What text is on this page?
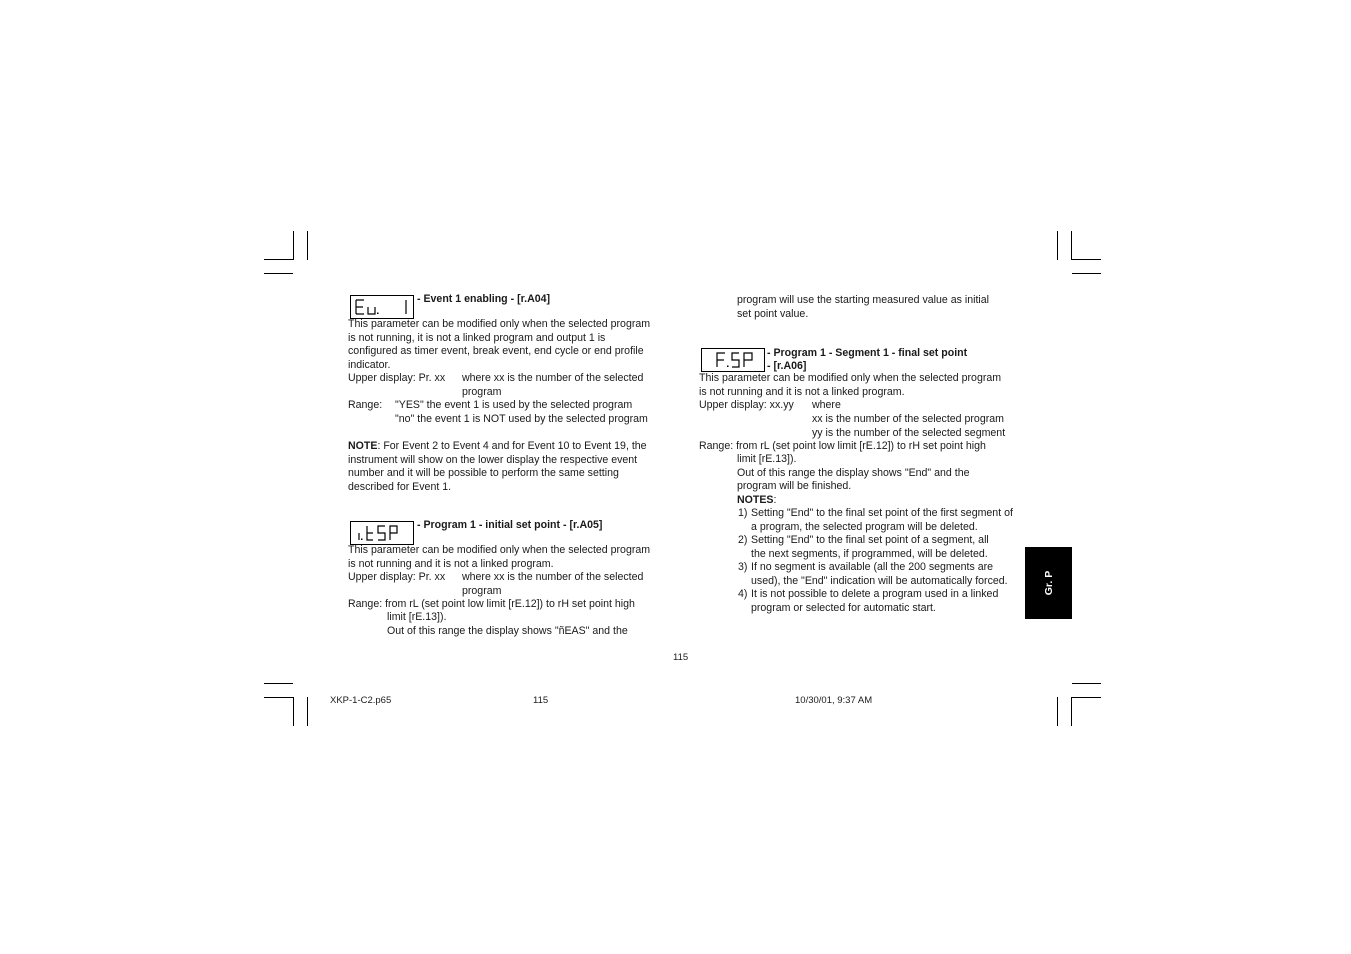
- Event 1 enabling - [r.A04]
This parameter can be modified only when the selected program
is not running, it is not a linked program and output 1 is
configured as timer event, break event, end cycle or end profile
indicator.
Upper display: Pr. xx where xx is the number of the selected
program
Range: "YES" the event 1 is used by the selected program
"no" the event 1 is NOT used by the selected program
NOTE: For Event 2 to Event 4 and for Event 10 to Event 19, the
instrument will show on the lower display the respective event
number and it will be possible to perform the same setting
described for Event 1.
- Program 1 - initial set point - [r.A05]
This parameter can be modified only when the selected program
is not running and it is not a linked program.
Upper display: Pr. xx where xx is the number of the selected
program
Range: from rL (set point low limit [rE.12]) to rH set point high
limit [rE.13]).
Out of this range the display shows "ñEAS" and the
program will use the starting measured value as initial
set point value.
- Program 1 - Segment 1 - final set point
- [r.A06]
This parameter can be modified only when the selected program
is not running and it is not a linked program.
Upper display: xx.yy where
xx is the number of the selected program
yy is the number of the selected segment
Range: from rL (set point low limit [rE.12]) to rH set point high
limit [rE.13]).
Out of this range the display shows "End" and the
program will be finished.
NOTES:
1) Setting "End" to the final set point of the first segment of
a program, the selected program will be deleted.
2) Setting "End" to the final set point of a segment, all
the next segments, if programmed, will be deleted.
3) If no segment is available (all the 200 segments are
used), the "End" indication will be automatically forced.
4) It is not possible to delete a program used in a linked
program or selected for automatic start.
Gr. P
115
XKP-1-C2.p65	115	10/30/01, 9:37 AM
